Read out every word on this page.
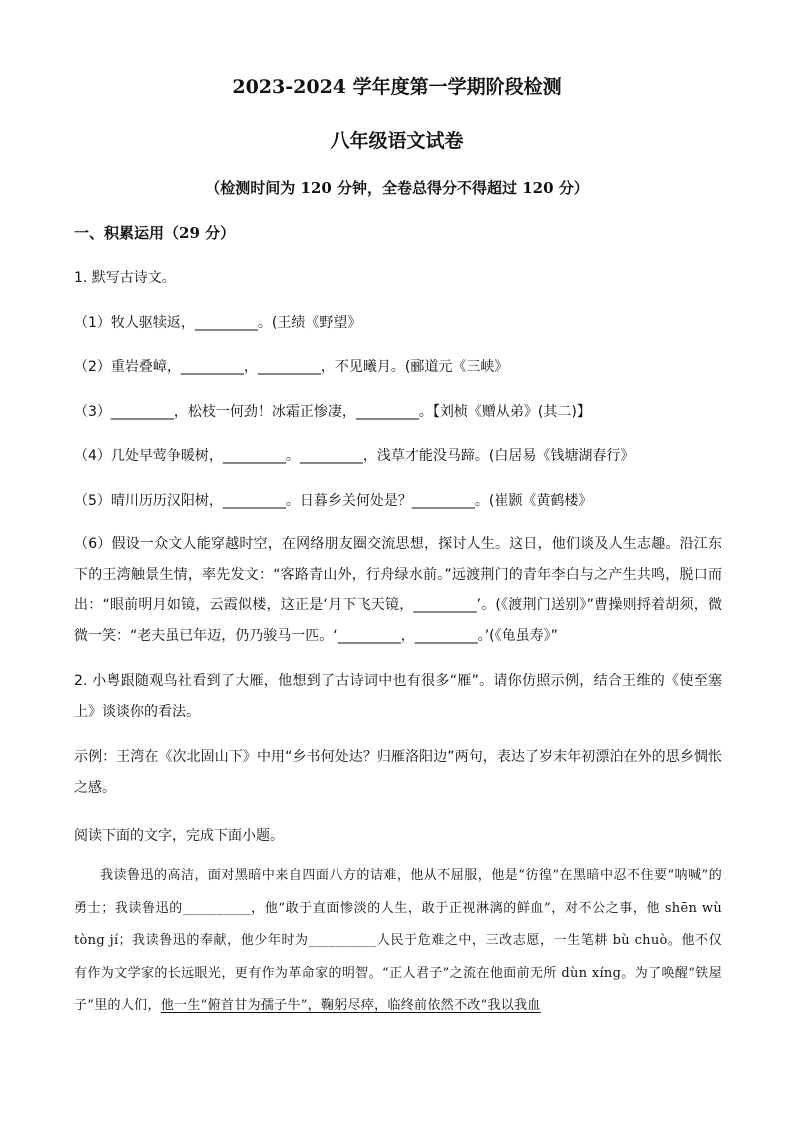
2023-2024 学年度第一学期阶段检测
八年级语文试卷
（检测时间为 120 分钟，全卷总得分不得超过 120 分）
一、积累运用（29 分）
1. 默写古诗文。
（1）牧人驱犊返，_________。(王绩《野望》
（2）重岩叠嶂，_________，_________，不见曦月。(郦道元《三峡》
（3）_________，松枝一何劲！冰霜正惨凄，_________。【刘桢《赠从弟》(其二)】
（4）几处早莺争暖树，_________。_________，浅草才能没马蹄。(白居易《钱塘湖春行》
（5）晴川历历汉阳树，_________。日暮乡关何处是？_________。(崔颢《黄鹤楼》
（6）假设一众文人能穿越时空，在网络朋友圈交流思想，探讨人生。这日，他们谈及人生志趣。沿江东下的王湾触景生情，率先发文：“客路青山外，行舟绿水前。”远渡荆门的青年李白与之产生共鸣，脱口而出：“眼前明月如镜，云霞似楼，这正是‘月下飞天镜，_________’。(《渡荆门送别》”曹操则捋着胡须，微微一笑：“老夫虽已年迈，仍乃骏马一匹。‘_________，_________。’(《龟虽寿》”
2. 小粤跟随观鸟社看到了大雁，他想到了古诗词中也有很多“雁”。请你仿照示例，结合王维的《使至塞上》谈谈你的看法。
示例：王湾在《次北固山下》中用“乡书何处达？归雁洛阳边”两句，表达了岁末年初漂泊在外的思乡惆怅之感。
阅读下面的文字，完成下面小题。
我读鲁迅的高洁，面对黑暗中来自四面八方的诘难，他从不屈服，他是“彷徨”在黑暗中忍不住要“呐喊”的勇士；我读鲁迅的__________，他“敢于直面惨淡的人生，敢于正视淋漓的鲜血”，对不公之事，他 shēn wù tòng jí；我读鲁迅的奉献，他少年时为__________人民于危难之中，三改志愿，一生笔耕 bù chuò。他不仅有作为文学家的长远眼光，更有作为革命家的明智。“正人君子”之流在他面前无所 dùn xíng。为了唤醒“铁屋子”里的人们，他一生“俯首甘为孺子牛”，鞠躬尽瘁，临终前依然不改“我以我血
